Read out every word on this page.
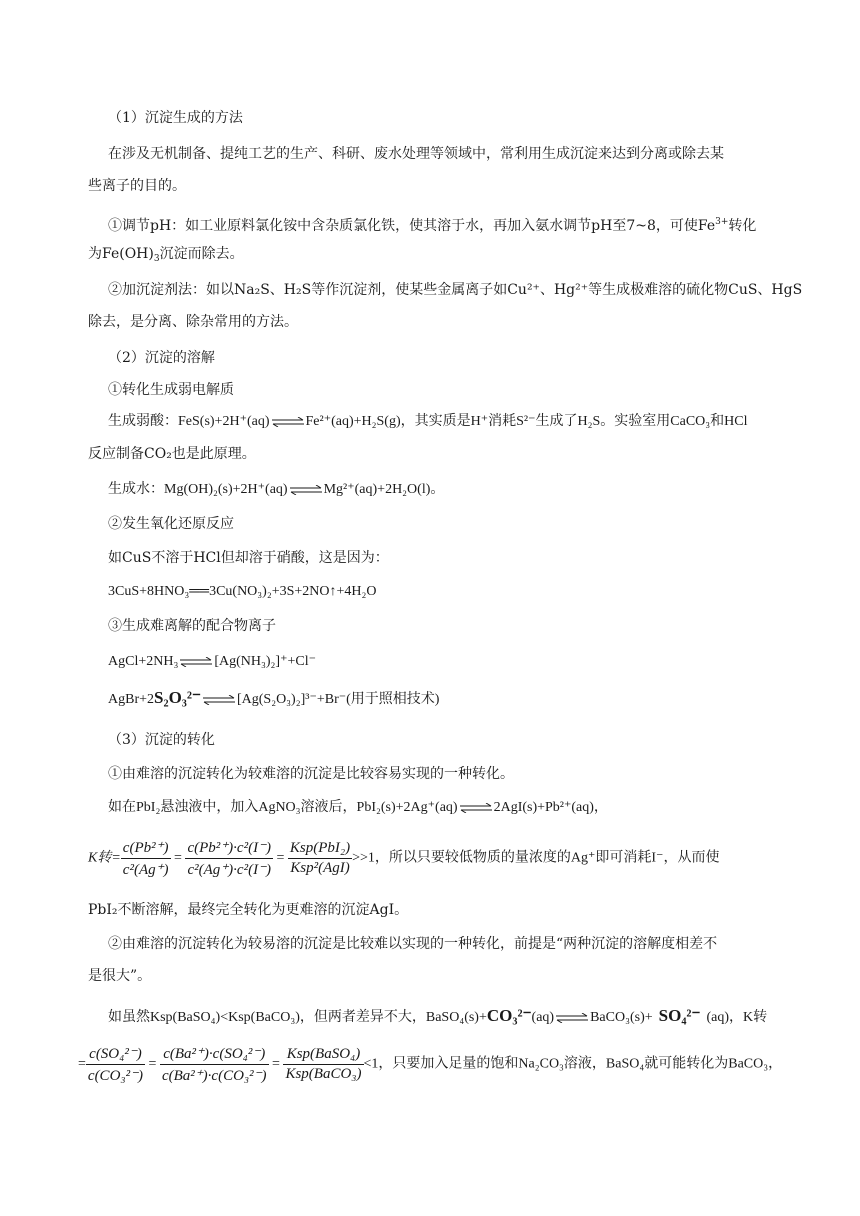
（1）沉淀生成的方法
在涉及无机制备、提纯工艺的生产、科研、废水处理等领域中，常利用生成沉淀来达到分离或除去某
些离子的目的。
①调节pH：如工业原料氯化铵中含杂质氯化铁，使其溶于水，再加入氨水调节pH至7~8，可使$Fe^{3+}$转化
为$Fe(OH)_3$沉淀而除去。
②加沉淀剂法：如以Na₂S、H₂S等作沉淀剂，使某些金属离子如Cu²⁺、Hg²⁺等生成极难溶的硫化物CuS、HgS
除去，是分离、除杂常用的方法。
（2）沉淀的溶解
①转化生成弱电解质
生成弱酸：FeS(s)+2H⁺(aq)⇌Fe²⁺(aq)+H₂S(g)，其实质是H⁺消耗S²⁻生成了H₂S。实验室用CaCO₃和HCl
反应制备CO₂也是此原理。
生成水：Mg(OH)₂(s)+2H⁺(aq)⇌Mg²⁺(aq)+2H₂O(l)。
②发生氧化还原反应
如CuS不溶于HCl但却溶于硝酸，这是因为：
3CuS+8HNO₃══3Cu(NO₃)₂+3S+2NO↑+4H₂O
③生成难离解的配合物离子
AgCl+2NH₃⇌[Ag(NH₃)₂]⁺+Cl⁻
AgBr+2S₂O₃²⁻⇌[Ag(S₂O₃)₂]³⁻+Br⁻(用于照相技术)
（3）沉淀的转化
①由难溶的沉淀转化为较难溶的沉淀是比较容易实现的一种转化。
如在PbI₂悬浊液中，加入AgNO₃溶液后，PbI₂(s)+2Ag⁺(aq)⇌2AgI(s)+Pb²⁺(aq)，
K转= $\frac{\text{c(Pb²⁺)}}{\text{c²(Ag⁺)}} = \frac{\text{c(Pb²⁺)·c²(I⁻)}}{\text{c²(Ag⁺)·c²(I⁻)}} = \frac{\text{Ksp(PbI₂)}}{\text{Ksp²(AgI)}} >>1$，所以只要较低物质的量浓度的Ag⁺即可消耗I⁻，从而使
PbI₂不断溶解，最终完全转化为更难溶的沉淀AgI。
②由难溶的沉淀转化为较易溶的沉淀是比较难以实现的一种转化，前提是“两种沉淀的溶解度相差不
是很大”。
如虽然Ksp(BaSO₄)<Ksp(BaCO₃)，但两者差异不大，BaSO₄(s)+CO₃²⁻(aq)⇌BaCO₃(s)+ SO₄²⁻ (aq)，K转
= $\frac{\text{c(SO₄²⁻)}}{\text{c(CO₃²⁻)}} = \frac{\text{c(Ba²⁺)·c(SO₄²⁻)}}{\text{c(Ba²⁺)·c(CO₃²⁻)}} = \frac{\text{Ksp(BaSO₄)}}{\text{Ksp(BaCO₃)}} <1$，只要加入足量的饱和Na₂CO₃溶液，BaSO₄就可能转化为BaCO₃，
